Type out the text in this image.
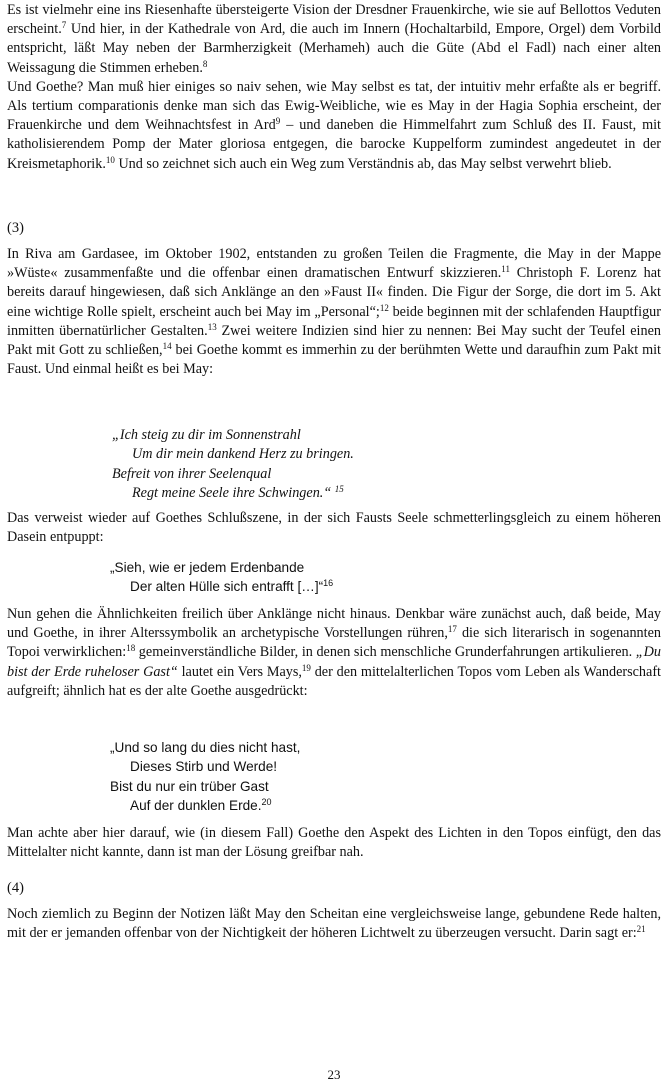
Es ist vielmehr eine ins Riesenhafte übersteigerte Vision der Dresdner Frauenkirche, wie sie auf Bellottos Veduten erscheint.$^7$ Und hier, in der Kathedrale von Ard, die auch im Innern (Hochaltarbild, Empore, Orgel) dem Vorbild entspricht, läßt May neben der Barmherzigkeit (Merhameh) auch die Güte (Abd el Fadl) nach einer alten Weissagung die Stimmen erheben.$^8$

Und Goethe? Man muß hier einiges so naiv sehen, wie May selbst es tat, der intuitiv mehr erfaßte als er begriff. Als tertium comparationis denke man sich das Ewig-Weibliche, wie es May in der Hagia Sophia erscheint, der Frauenkirche und dem Weihnachtsfest in Ard$^9$ – und daneben die Himmelfahrt zum Schluß des II. Faust, mit katholisierendem Pomp der Mater gloriosa entgegen, die barocke Kuppelform zumindest angedeutet in der Kreismetaphorik.$^{10}$ Und so zeichnet sich auch ein Weg zum Verständnis ab, das May selbst verwehrt blieb.

(3)

In Riva am Gardasee, im Oktober 1902, entstanden zu großen Teilen die Fragmente, die May in der Mappe »Wüste« zusammenfaßte und die offenbar einen dramatischen Entwurf skizzieren.$^{11}$ Christoph F. Lorenz hat bereits darauf hingewiesen, daß sich Anklänge an den »Faust II« finden. Die Figur der Sorge, die dort im 5. Akt eine wichtige Rolle spielt, erscheint auch bei May im „Personal“;$^{12}$ beide beginnen mit der schlafenden Hauptfigur inmitten übernatürlicher Gestalten.$^{13}$ Zwei weitere Indizien sind hier zu nennen: Bei May sucht der Teufel einen Pakt mit Gott zu schließen,$^{14}$ bei Goethe kommt es immerhin zu der berühmten Wette und daraufhin zum Pakt mit Faust. Und einmal heißt es bei May:

„Ich steig zu dir im Sonnenstrahl
Um dir mein dankend Herz zu bringen.
Befreit von ihrer Seelenqual
Regt meine Seele ihre Schwingen.“ $^{15}$

Das verweist wieder auf Goethes Schlußszene, in der sich Fausts Seele schmetterlingsgleich zu einem höheren Dasein entpuppt:

„Sieh, wie er jedem Erdenbande
Der alten Hülle sich entrafft […]“$^{16}$

Nun gehen die Ähnlichkeiten freilich über Anklänge nicht hinaus. Denkbar wäre zunächst auch, daß beide, May und Goethe, in ihrer Alterssymbolik an archetypische Vorstellungen rühren,$^{17}$ die sich literarisch in sogenannten Topoi verwirklichen:$^{18}$ gemeinverständliche Bilder, in denen sich menschliche Grunderfahrungen artikulieren. „Du bist der Erde ruheloser Gast“ lautet ein Vers Mays,$^{19}$ der den mittelalterlichen Topos vom Leben als Wanderschaft aufgreift; ähnlich hat es der alte Goethe ausgedrückt:

„Und so lang du dies nicht hast,
Dieses Stirb und Werde!
Bist du nur ein trüber Gast
Auf der dunklen Erde.$^{20}$

Man achte aber hier darauf, wie (in diesem Fall) Goethe den Aspekt des Lichten in den Topos einfügt, den das Mittelalter nicht kannte, dann ist man der Lösung greifbar nah.

(4)

Noch ziemlich zu Beginn der Notizen läßt May den Scheitan eine vergleichsweise lange, gebundene Rede halten, mit der er jemanden offenbar von der Nichtigkeit der höheren Lichtwelt zu überzeugen versucht. Darin sagt er:$^{21}$

23
